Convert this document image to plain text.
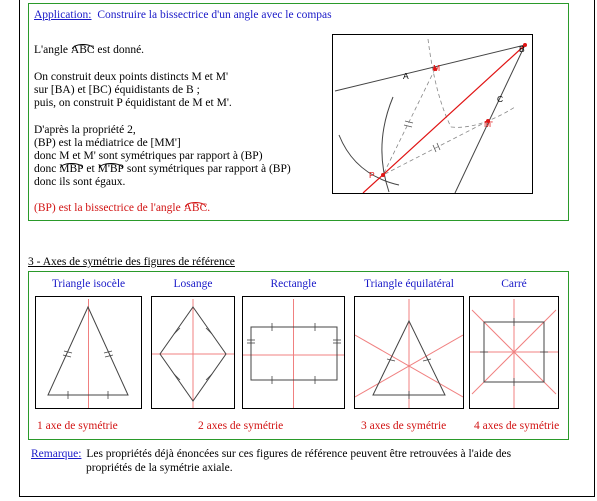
Application: Construire la bissectrice d'un angle avec le compas
L'angle ABC est donné.
On construit deux points distincts M et M'
sur [BA) et [BC) équidistants de B ;
puis, on construit P équidistant de M et M'.
D'après la propriété 2,
(BP) est la médiatrice de [MM']
donc M et M' sont symétriques par rapport à (BP)
donc MBP et M'BP sont symétriques par rapport à (BP)
donc ils sont égaux.
(BP) est la bissectrice de l'angle ABC.
B
A
M
C
M'
P
3 - Axes de symétrie des figures de référence
Triangle isocèle	Losange	Rectangle	Triangle équilatéral	Carré
1 axe de symétrie	2 axes de symétrie	3 axes de symétrie 4 axes de symétrie
Remarque: Les propriétés déjà énoncées sur ces figures de référence peuvent être retrouvées à l'aide des
propriétés de la symétrie axiale.
